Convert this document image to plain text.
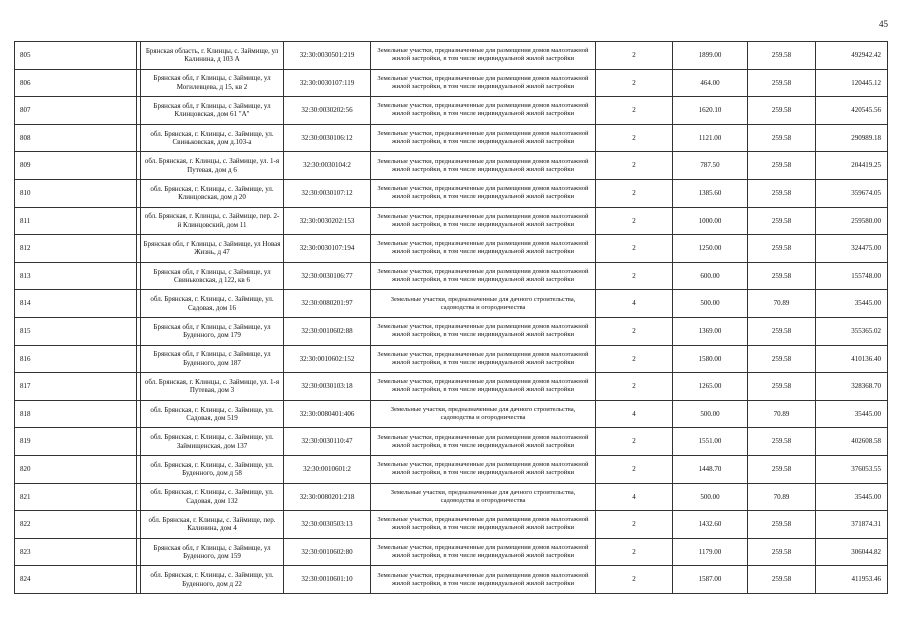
45
805		Брянская область, г. Клинцы, с. Займище, ул Калинина, д 103 А	32:30:0030501:219	Земельные участки, предназначенные для размещения домов малоэтажной жилой застройки, в том числе индивидуальной жилой застройки	2	1899.00	259.58	492942.42
806		Брянская обл, г Клинцы, с Займище, ул Могилевцева, д 15, кв 2	32:30:0030107:119	Земельные участки, предназначенные для размещения домов малоэтажной жилой застройки, в том числе индивидуальной жилой застройки	2	464.00	259.58	120445.12
807		Брянская обл, г Клинцы, с Займище, ул Клинцовская, дом 61 "А"	32:30:0030202:56	Земельные участки, предназначенные для размещения домов малоэтажной жилой застройки, в том числе индивидуальной жилой застройки	2	1620.10	259.58	420545.56
808		обл. Брянская, г. Клинцы, с. Займище, ул. Свиньковская, дом д.103-а	32:30:0030106:12	Земельные участки, предназначенные для размещения домов малоэтажной жилой застройки, в том числе индивидуальной жилой застройки	2	1121.00	259.58	290989.18
809		обл. Брянская, г. Клинцы, с. Займище, ул. 1-я Путевая, дом д 6	32:30:0030104:2	Земельные участки, предназначенные для размещения домов малоэтажной жилой застройки, в том числе индивидуальной жилой застройки	2	787.50	259.58	204419.25
810		обл. Брянская, г. Клинцы, с. Займище, ул. Клинцовская, дом д 20	32:30:0030107:12	Земельные участки, предназначенные для размещения домов малоэтажной жилой застройки, в том числе индивидуальной жилой застройки	2	1385.60	259.58	359674.05
811		обл. Брянская, г. Клинцы, с. Займище, пер. 2-й Клинцовский, дом 11	32:30:0030202:153	Земельные участки, предназначенные для размещения домов малоэтажной жилой застройки, в том числе индивидуальной жилой застройки	2	1000.00	259.58	259580.00
812		Брянская обл, г Клинцы, с Займище, ул Новая Жизнь, д 47	32:30:0030107:194	Земельные участки, предназначенные для размещения домов малоэтажной жилой застройки, в том числе индивидуальной жилой застройки	2	1250.00	259.58	324475.00
813		Брянская обл, г Клинцы, с Займище, ул Свиньковская, д 122, кв 6	32:30:0030106:77	Земельные участки, предназначенные для размещения домов малоэтажной жилой застройки, в том числе индивидуальной жилой застройки	2	600.00	259.58	155748.00
814		обл. Брянская, г. Клинцы, с. Займище, ул. Садовая, дом 16	32:30:0080201:97	Земельные участки, предназначенные для дачного строительства, садоводства и огородничества	4	500.00	70.89	35445.00
815		Брянская обл, г Клинцы, с Займище, ул Буденного, дом 179	32:30:0010602:88	Земельные участки, предназначенные для размещения домов малоэтажной жилой застройки, в том числе индивидуальной жилой застройки	2	1369.00	259.58	355365.02
816		Брянская обл, г Клинцы, с Займище, ул Буденного, дом 187	32:30:0010602:152	Земельные участки, предназначенные для размещения домов малоэтажной жилой застройки, в том числе индивидуальной жилой застройки	2	1580.00	259.58	410136.40
817		обл. Брянская, г. Клинцы, с. Займище, ул. 1-я Путевая, дом 3	32:30:0030103:18	Земельные участки, предназначенные для размещения домов малоэтажной жилой застройки, в том числе индивидуальной жилой застройки	2	1265.00	259.58	328368.70
818		обл. Брянская, г. Клинцы, с. Займище, ул. Садовая, дом 519	32:30:0080401:406	Земельные участки, предназначенные для дачного строительства, садоводства и огородничества	4	500.00	70.89	35445.00
819		обл. Брянская, г. Клинцы, с. Займище, ул. Займищенская, дом 137	32:30:0030110:47	Земельные участки, предназначенные для размещения домов малоэтажной жилой застройки, в том числе индивидуальной жилой застройки	2	1551.00	259.58	402608.58
820		обл. Брянская, г. Клинцы, с. Займище, ул. Буденного, дом д 58	32:30:0010601:2	Земельные участки, предназначенные для размещения домов малоэтажной жилой застройки, в том числе индивидуальной жилой застройки	2	1448.70	259.58	376053.55
821		обл. Брянская, г. Клинцы, с. Займище, ул. Садовая, дом 132	32:30:0080201:218	Земельные участки, предназначенные для дачного строительства, садоводства и огородничества	4	500.00	70.89	35445.00
822		обл. Брянская, г. Клинцы, с. Займище, пер. Калинина, дом 4	32:30:0030503:13	Земельные участки, предназначенные для размещения домов малоэтажной жилой застройки, в том числе индивидуальной жилой застройки	2	1432.60	259.58	371874.31
823		Брянская обл, г Клинцы, с Займище, ул Буденного, дом 159	32:30:0010602:80	Земельные участки, предназначенные для размещения домов малоэтажной жилой застройки, в том числе индивидуальной жилой застройки	2	1179.00	259.58	306044.82
824		обл. Брянская, г. Клинцы, с. Займище, ул. Буденного, дом д 22	32:30:0010601:10	Земельные участки, предназначенные для размещения домов малоэтажной жилой застройки, в том числе индивидуальной жилой застройки	2	1587.00	259.58	411953.46
